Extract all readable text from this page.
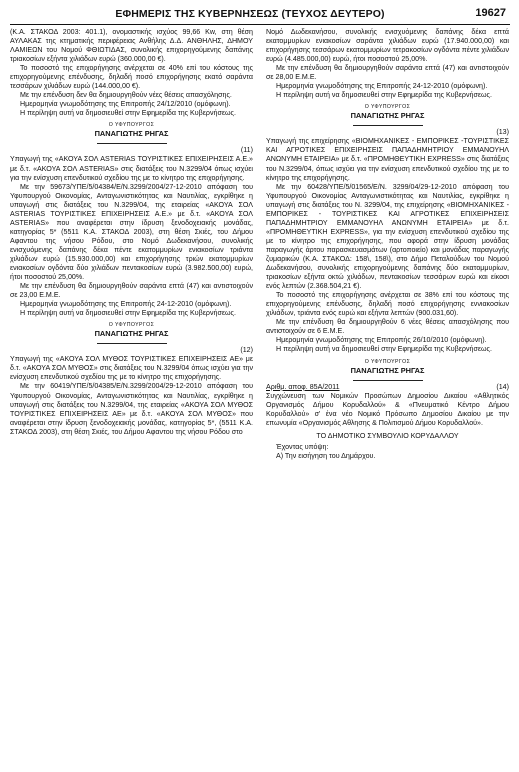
ΕΦΗΜΕΡΙΣ ΤΗΣ ΚΥΒΕΡΝΗΣΕΩΣ (ΤΕΥΧΟΣ ΔΕΥΤΕΡΟ)	19627

(Κ.Α. ΣΤΑΚΟΔ 2003: 401.1), ονομαστικής ισχύος 99,66 Kw, στη θέση ΑΥΛΑΚΑΣ της κτηματικής περιφέρειας Ανθήλης Δ.Δ. ΑΝΘΗΛΗΣ, ΔΗΜΟΥ ΛΑΜΙΕΩΝ του Νομού ΦΘΙΩΤΙΔΑΣ, συνολικής επιχορηγούμενης δαπάνης τριακοσίων εξήντα χιλιάδων ευρώ (360.000,00 €).

Το ποσοστό της επιχορήγησης ανέρχεται σε 40% επί του κόστους της επιχορηγούμενης επένδυσης, δηλαδή ποσό επιχορήγησης εκατό σαράντα τεσσάρων χιλιάδων ευρώ (144.000,00 €).

Με την επένδυση δεν θα δημιουργηθούν νέες θέσεις απασχόλησης.

Ημερομηνία γνωμοδότησης της Επιτροπής 24/12/2010 (ομόφωνη).

Η περίληψη αυτή να δημοσιευθεί στην Εφημερίδα της Κυβερνήσεως.

Ο ΥΦΥΠΟΥΡΓΟΣ
ΠΑΝΑΓΙΩΤΗΣ ΡΗΓΑΣ
(11)

Υπαγωγή της «ΑΚΟΥΑ ΣΟΛ ASTERIAS ΤΟΥΡΙΣΤΙΚΕΣ ΕΠΙΧΕΙΡΗΣΕΙΣ Α.Ε.» με δ.τ. «ΑΚΟΥΑ ΣΟΛ ASTERIAS» στις διατάξεις του Ν.3299/04 όπως ισχύει για την ενίσχυση επενδυτικού σχεδίου της με το κίνητρο της επιχορήγησης.

Με την 59673/ΥΠΕ/5/04384/Ε/Ν.3299/2004/27-12-2010 απόφαση του Υφυπουργού Οικονομίας, Ανταγωνιστικότητας και Ναυτιλίας, εγκρίθηκε η υπαγωγή στις διατάξεις του Ν.3299/04, της εταιρείας «ΑΚΟΥΑ ΣΟΛ ASTERIAS ΤΟΥΡΙΣΤΙΚΕΣ ΕΠΙΧΕΙΡΗΣΕΙΣ Α.Ε.» με δ.τ. «ΑΚΟΥΑ ΣΟΛ ASTERIAS» που αναφέρεται στην ίδρυση ξενοδοχειακής μονάδας, κατηγορίας 5* (5511 Κ.Α. ΣΤΑΚΟΔ 2003), στη θέση Σκιές, του Δήμου Αφαντου της νήσου Ρόδου, στο Νομό Δωδεκανήσου, συνολικής ενισχυόμενης δαπάνης δέκα πέντε εκατομμυρίων ενιακοσίων τριάντα χιλιάδων ευρώ (15.930.000,00) και επιχορήγησης τριών εκατομμυρίων ενιακοσίων ογδόντα δύο χιλιάδων πεντακοσίων ευρώ (3.982.500,00) ευρώ, ήτοι ποσοστού 25,00%.

Με την επένδυση θα δημιουργηθούν σαράντα επτά (47) και αντιστοιχούν σε 23,00 Ε.Μ.Ε.

Ημερομηνία γνωμοδότησης της Επιτροπής 24-12-2010 (ομόφωνη).

Η περίληψη αυτή να δημοσιευθεί στην Εφημερίδα της Κυβερνήσεως.

Ο ΥΦΥΠΟΥΡΓΟΣ
ΠΑΝΑΓΙΩΤΗΣ ΡΗΓΑΣ
(12)

Υπαγωγή της «ΑΚΟΥΑ ΣΟΛ ΜΥΘΟΣ ΤΟΥΡΙΣΤΙΚΕΣ ΕΠΙΧΕΙΡΗΣΕΙΣ ΑΕ» με δ.τ. «ΑΚΟΥΑ ΣΟΛ ΜΥΘΟΣ» στις διατάξεις του Ν.3299/04 όπως ισχύει για την ενίσχυση επενδυτικού σχεδίου της με το κίνητρο της επιχορήγησης.

Με την 60419/ΥΠΕ/5/04385/Ε/Ν.3299/2004/29-12-2010 απόφαση του Υφυπουργού Οικονομίας, Ανταγωνιστικότητας και Ναυτιλίας, εγκρίθηκε η υπαγωγή στις διατάξεις του Ν.3299/04, της εταιρείας «ΑΚΟΥΑ ΣΟΛ ΜΥΘΟΣ ΤΟΥΡΙΣΤΙΚΕΣ ΕΠΙΧΕΙΡΗΣΕΙΣ ΑΕ» με δ.τ. «ΑΚΟΥΑ ΣΟΛ ΜΥΘΟΣ» που αναφέρεται στην ίδρυση ξενοδοχειακής μονάδας, κατηγορίας 5*, (5511 Κ.Α. ΣΤΑΚΟΔ 2003), στη θέση Σκιές, του Δήμου Αφαντου της νήσου Ρόδου στο

Νομό Δωδεκανήσου, συνολικής ενισχυόμενης δαπάνης δέκα επτά εκατομμυρίων ενιακοσίων σαράντα χιλιάδων ευρώ (17.940.000,00) και επιχορήγησης τεσσάρων εκατομμυρίων τετρακοσίων ογδόντα πέντε χιλιάδων ευρώ (4.485.000,00) ευρώ, ήτοι ποσοστού 25,00%.

Με την επένδυση θα δημιουργηθούν σαράντα επτά (47) και αντιστοιχούν σε 28,00 Ε.Μ.Ε.

Ημερομηνία γνωμοδότησης της Επιτροπής 24-12-2010 (ομόφωνη).

Η περίληψη αυτή να δημοσιευθεί στην Εφημερίδα της Κυβερνήσεως.

Ο ΥΦΥΠΟΥΡΓΟΣ
ΠΑΝΑΓΙΩΤΗΣ ΡΗΓΑΣ
(13)

Υπαγωγή της επιχείρησης «ΒΙΟΜΗΧΑΝΙΚΕΣ - ΕΜΠΟΡΙΚΕΣ -ΤΟΥΡΙΣΤΙΚΕΣ ΚΑΙ ΑΓΡΟΤΙΚΕΣ ΕΠΙΧΕΙΡΗΣΕΙΣ ΠΑΠΑΔΗΜΗΤΡΙΟΥ ΕΜΜΑΝΟΥΗΛ ΑΝΩΝΥΜΗ ΕΤΑΙΡΕΙΑ» με δ.τ. «ΠΡΟΜΗΘΕΥΤΙΚΗ EXPRESS» στις διατάξεις του Ν.3299/04, όπως ισχύει για την ενίσχυση επενδυτικού σχεδίου της με το κίνητρο της επιχορήγησης.

Με την 60428/ΥΠΕ/5/01565/Ε/Ν. 3299/04/29-12-2010 απόφαση του Υφυπουργού Οικονομίας Ανταγωνιστικότητας και Ναυτιλίας, εγκρίθηκε η υπαγωγή στις διατάξεις του Ν. 3299/04, της επιχείρησης «ΒΙΟΜΗΧΑΝΙΚΕΣ - ΕΜΠΟΡΙΚΕΣ - ΤΟΥΡΙΣΤΙΚΕΣ ΚΑΙ ΑΓΡΟΤΙΚΕΣ ΕΠΙΧΕΙΡΗΣΕΙΣ ΠΑΠΑΔΗΜΗΤΡΙΟΥ ΕΜΜΑΝΟΥΗΛ ΑΝΩΝΥΜΗ ΕΤΑΙΡΕΙΑ» με δ.τ. «ΠΡΟΜΗΘΕΥΤΙΚΗ EXPRESS», για την ενίσχυση επενδυτικού σχεδίου της με το κίνητρο της επιχορήγησης, που αφορά στην ίδρυση μονάδας παραγωγής άρτου παρασκευασμάτων (αρτοποιείο) και μονάδας παραγωγής ζυμαρικών (Κ.Α. ΣΤΑΚΟΔ: 158\, 158\), στο Δήμο Πεταλούδων του Νομού Δωδεκανήσου, συνολικής επιχορηγούμενης δαπάνης δύο εκατομμυρίων, τριακοσίων εξήντα οκτώ χιλιάδων, πεντακοσίων τεσσάρων ευρώ και είκοσι ενός λεπτών (2.368.504,21 €).

Το ποσοστό της επιχορήγησης ανέρχεται σε 38% επί του κόστους της επιχορηγούμενης επένδυσης, δηλαδή ποσό επιχορήγησης εννιακοσίων χιλιάδων, τριάντα ενός ευρώ και εξήντα λεπτών (900.031,60).

Με την επένδυση θα δημιουργηθούν 6 νέες θέσεις απασχόλησης που αντιστοιχούν σε 6 Ε.Μ.Ε.

Ημερομηνία γνωμοδότησης της Επιτροπής 26/10/2010 (ομόφωνη).

Η περίληψη αυτή να δημοσιευθεί στην Εφημερίδα της Κυβερνήσεως.

Ο ΥΦΥΠΟΥΡΓΟΣ
ΠΑΝΑΓΙΩΤΗΣ ΡΗΓΑΣ
Αριθμ. αποφ. 85Α/2011	(14)

Συγχώνευση των Νομικών Προσώπων Δημοσίου Δικαίου «Αθλητικός Οργανισμός Δήμου Κορυδαλλού» & «Πνευματικό Κέντρο Δήμου Κορυδαλλού» σ' ένα νέο Νομικό Πρόσωπο Δημοσίου Δικαίου με την επωνυμία «Οργανισμός Αθλησης & Πολιτισμού Δήμου Κορυδαλλού».

ΤΟ ΔΗΜΟΤΙΚΟ ΣΥΜΒΟΥΛΙΟ ΚΟΡΥΔΑΛΛΟΥ

Έχοντας υπόψη:

Α) Την εισήγηση του Δημάρχου.
